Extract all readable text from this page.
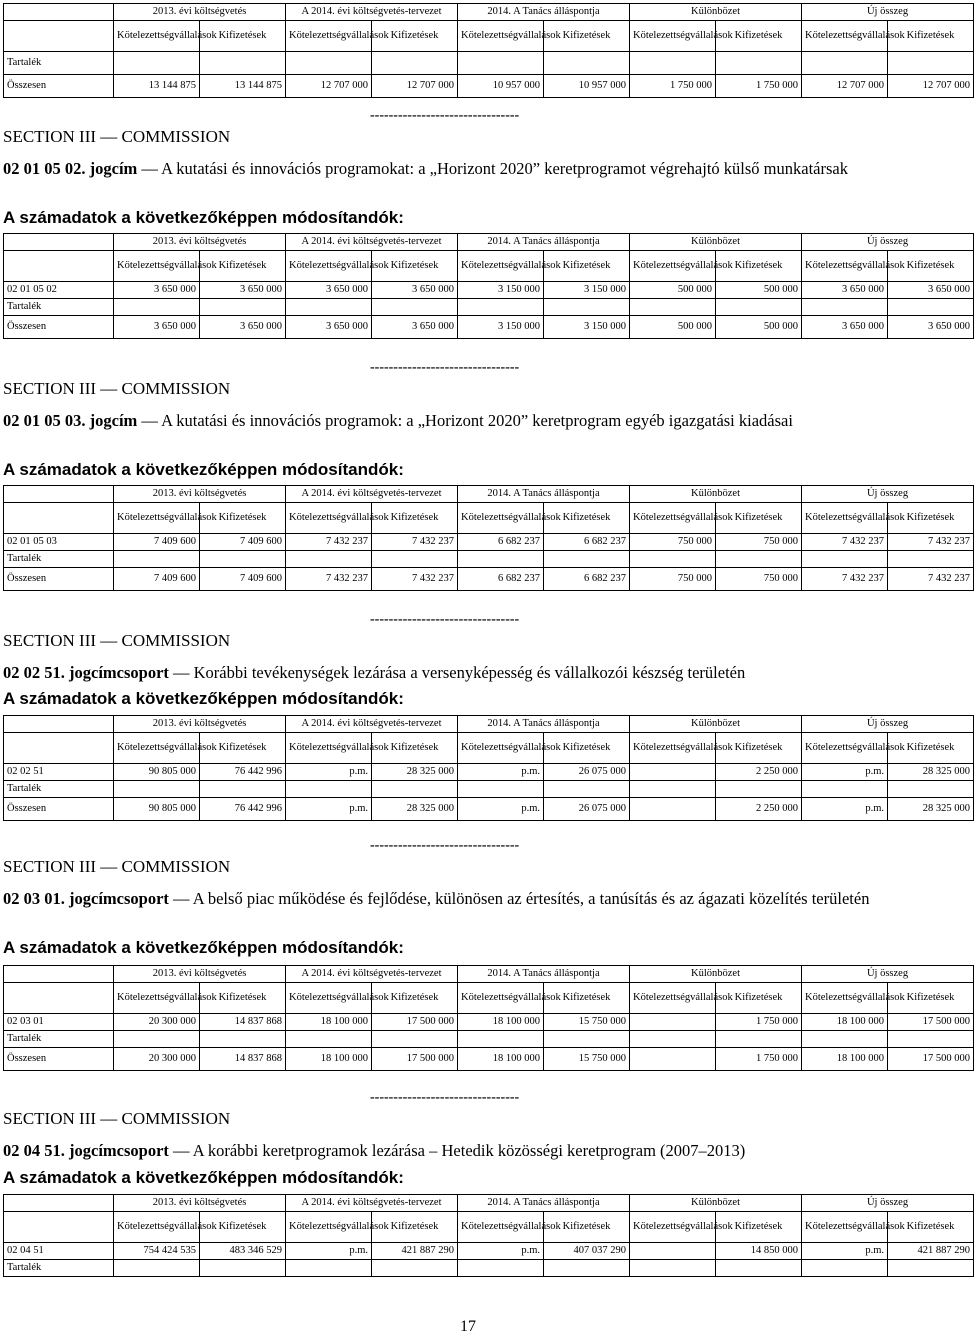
	2013. évi költségvetés		A 2014. évi költségvetés-tervezet		2014. A Tanács álláspontja		Különbözet		Új összeg	
	Kötelezettségvállalások	Kifizetések	Kötelezettségvállalások	Kifizetések	Kötelezettségvállalások	Kifizetések	Kötelezettségvállalások	Kifizetések	Kötelezettségvállalások	Kifizetések
Tartalék										
Összesen	13 144 875	13 144 875	12 707 000	12 707 000	10 957 000	10 957 000	1 750 000	1 750 000	12 707 000	12 707 000
--------------------------------
SECTION III — COMMISSION
02 01 05 02. jogcím — A kutatási és innovációs programokat: a „Horizont 2020” keretprogramot végrehajtó külső munkatársak
A számadatok a következőképpen módosítandók:
	2013. évi költségvetés		A 2014. évi költségvetés-tervezet		2014. A Tanács álláspontja		Különbözet		Új összeg	
	Kötelezettségvállalások	Kifizetések	Kötelezettségvállalások	Kifizetések	Kötelezettségvállalások	Kifizetések	Kötelezettségvállalások	Kifizetések	Kötelezettségvállalások	Kifizetések
02 01 05 02	3 650 000	3 650 000	3 650 000	3 650 000	3 150 000	3 150 000	500 000	500 000	3 650 000	3 650 000
Tartalék										
Összesen	3 650 000	3 650 000	3 650 000	3 650 000	3 150 000	3 150 000	500 000	500 000	3 650 000	3 650 000
--------------------------------
SECTION III — COMMISSION
02 01 05 03. jogcím — A kutatási és innovációs programok: a „Horizont 2020” keretprogram egyéb igazgatási kiadásai
A számadatok a következőképpen módosítandók:
	2013. évi költségvetés		A 2014. évi költségvetés-tervezet		2014. A Tanács álláspontja		Különbözet		Új összeg	
	Kötelezettségvállalások	Kifizetések	Kötelezettségvállalások	Kifizetések	Kötelezettségvállalások	Kifizetések	Kötelezettségvállalások	Kifizetések	Kötelezettségvállalások	Kifizetések
02 01 05 03	7 409 600	7 409 600	7 432 237	7 432 237	6 682 237	6 682 237	750 000	750 000	7 432 237	7 432 237
Tartalék										
Összesen	7 409 600	7 409 600	7 432 237	7 432 237	6 682 237	6 682 237	750 000	750 000	7 432 237	7 432 237
--------------------------------
SECTION III — COMMISSION
02 02 51. jogcímcsoport — Korábbi tevékenységek lezárása a versenyképesség és vállalkozói készség területén
A számadatok a következőképpen módosítandók:
	2013. évi költségvetés		A 2014. évi költségvetés-tervezet		2014. A Tanács álláspontja		Különbözet		Új összeg	
	Kötelezettségvállalások	Kifizetések	Kötelezettségvállalások	Kifizetések	Kötelezettségvállalások	Kifizetések	Kötelezettségvállalások	Kifizetések	Kötelezettségvállalások	Kifizetések
02 02 51	90 805 000	76 442 996	p.m.	28 325 000	p.m.	26 075 000		2 250 000	p.m.	28 325 000
Tartalék										
Összesen	90 805 000	76 442 996	p.m.	28 325 000	p.m.	26 075 000		2 250 000	p.m.	28 325 000
--------------------------------
SECTION III — COMMISSION
02 03 01. jogcímcsoport — A belső piac működése és fejlődése, különösen az értesítés, a tanúsítás és az ágazati közelítés területén
A számadatok a következőképpen módosítandók:
	2013. évi költségvetés		A 2014. évi költségvetés-tervezet		2014. A Tanács álláspontja		Különbözet		Új összeg	
	Kötelezettségvállalások	Kifizetések	Kötelezettségvállalások	Kifizetések	Kötelezettségvállalások	Kifizetések	Kötelezettségvállalások	Kifizetések	Kötelezettségvállalások	Kifizetések
02 03 01	20 300 000	14 837 868	18 100 000	17 500 000	18 100 000	15 750 000		1 750 000	18 100 000	17 500 000
Tartalék										
Összesen	20 300 000	14 837 868	18 100 000	17 500 000	18 100 000	15 750 000		1 750 000	18 100 000	17 500 000
--------------------------------
SECTION III — COMMISSION
02 04 51. jogcímcsoport — A korábbi keretprogramok lezárása – Hetedik közösségi keretprogram (2007–2013)
A számadatok a következőképpen módosítandók:
	2013. évi költségvetés		A 2014. évi költségvetés-tervezet		2014. A Tanács álláspontja		Különbözet		Új összeg	
	Kötelezettségvállalások	Kifizetések	Kötelezettségvállalások	Kifizetések	Kötelezettségvállalások	Kifizetések	Kötelezettségvállalások	Kifizetések	Kötelezettségvállalások	Kifizetések
02 04 51	754 424 535	483 346 529	p.m.	421 887 290	p.m.	407 037 290		14 850 000	p.m.	421 887 290
Tartalék										
17
